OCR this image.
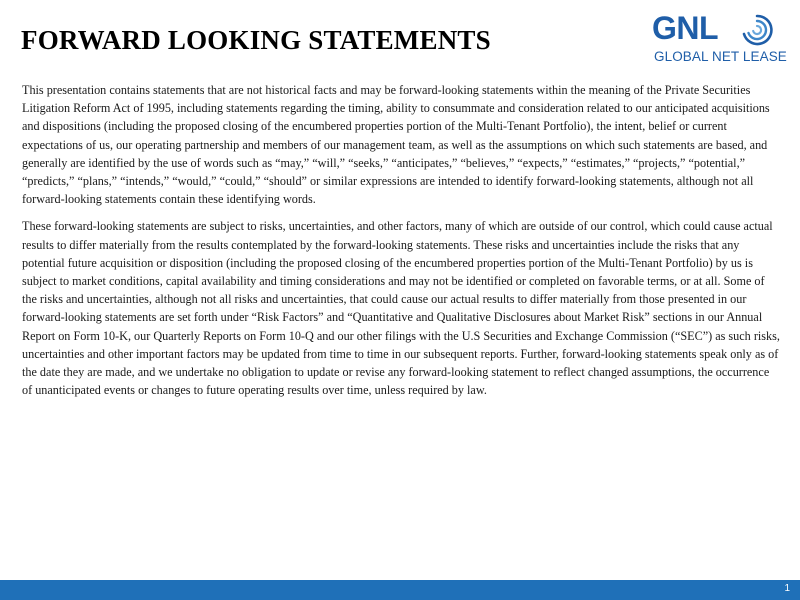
FORWARD LOOKING STATEMENTS	GNL
GLOBAL NET LEASE

This presentation contains statements that are not historical facts and may be forward-looking statements within the meaning of the Private Securities Litigation Reform Act of 1995, including statements regarding the timing, ability to consummate and consideration related to our anticipated acquisitions and dispositions (including the proposed closing of the encumbered properties portion of the Multi-Tenant Portfolio), the intent, belief or current expectations of us, our operating partnership and members of our management team, as well as the assumptions on which such statements are based, and generally are identified by the use of words such as “may,” “will,” “seeks,” “anticipates,” “believes,” “expects,” “estimates,” “projects,” “potential,” “predicts,” “plans,” “intends,” “would,” “could,” “should” or similar expressions are intended to identify forward-looking statements, although not all forward-looking statements contain these identifying words.

These forward-looking statements are subject to risks, uncertainties, and other factors, many of which are outside of our control, which could cause actual results to differ materially from the results contemplated by the forward-looking statements. These risks and uncertainties include the risks that any potential future acquisition or disposition (including the proposed closing of the encumbered properties portion of the Multi-Tenant Portfolio) by us is subject to market conditions, capital availability and timing considerations and may not be identified or completed on favorable terms, or at all. Some of the risks and uncertainties, although not all risks and uncertainties, that could cause our actual results to differ materially from those presented in our forward-looking statements are set forth under “Risk Factors” and “Quantitative and Qualitative Disclosures about Market Risk” sections in our Annual Report on Form 10-K, our Quarterly Reports on Form 10-Q and our other filings with the U.S Securities and Exchange Commission (“SEC”) as such risks, uncertainties and other important factors may be updated from time to time in our subsequent reports. Further, forward-looking statements speak only as of the date they are made, and we undertake no obligation to update or revise any forward-looking statement to reflect changed assumptions, the occurrence of unanticipated events or changes to future operating results over time, unless required by law.

1
